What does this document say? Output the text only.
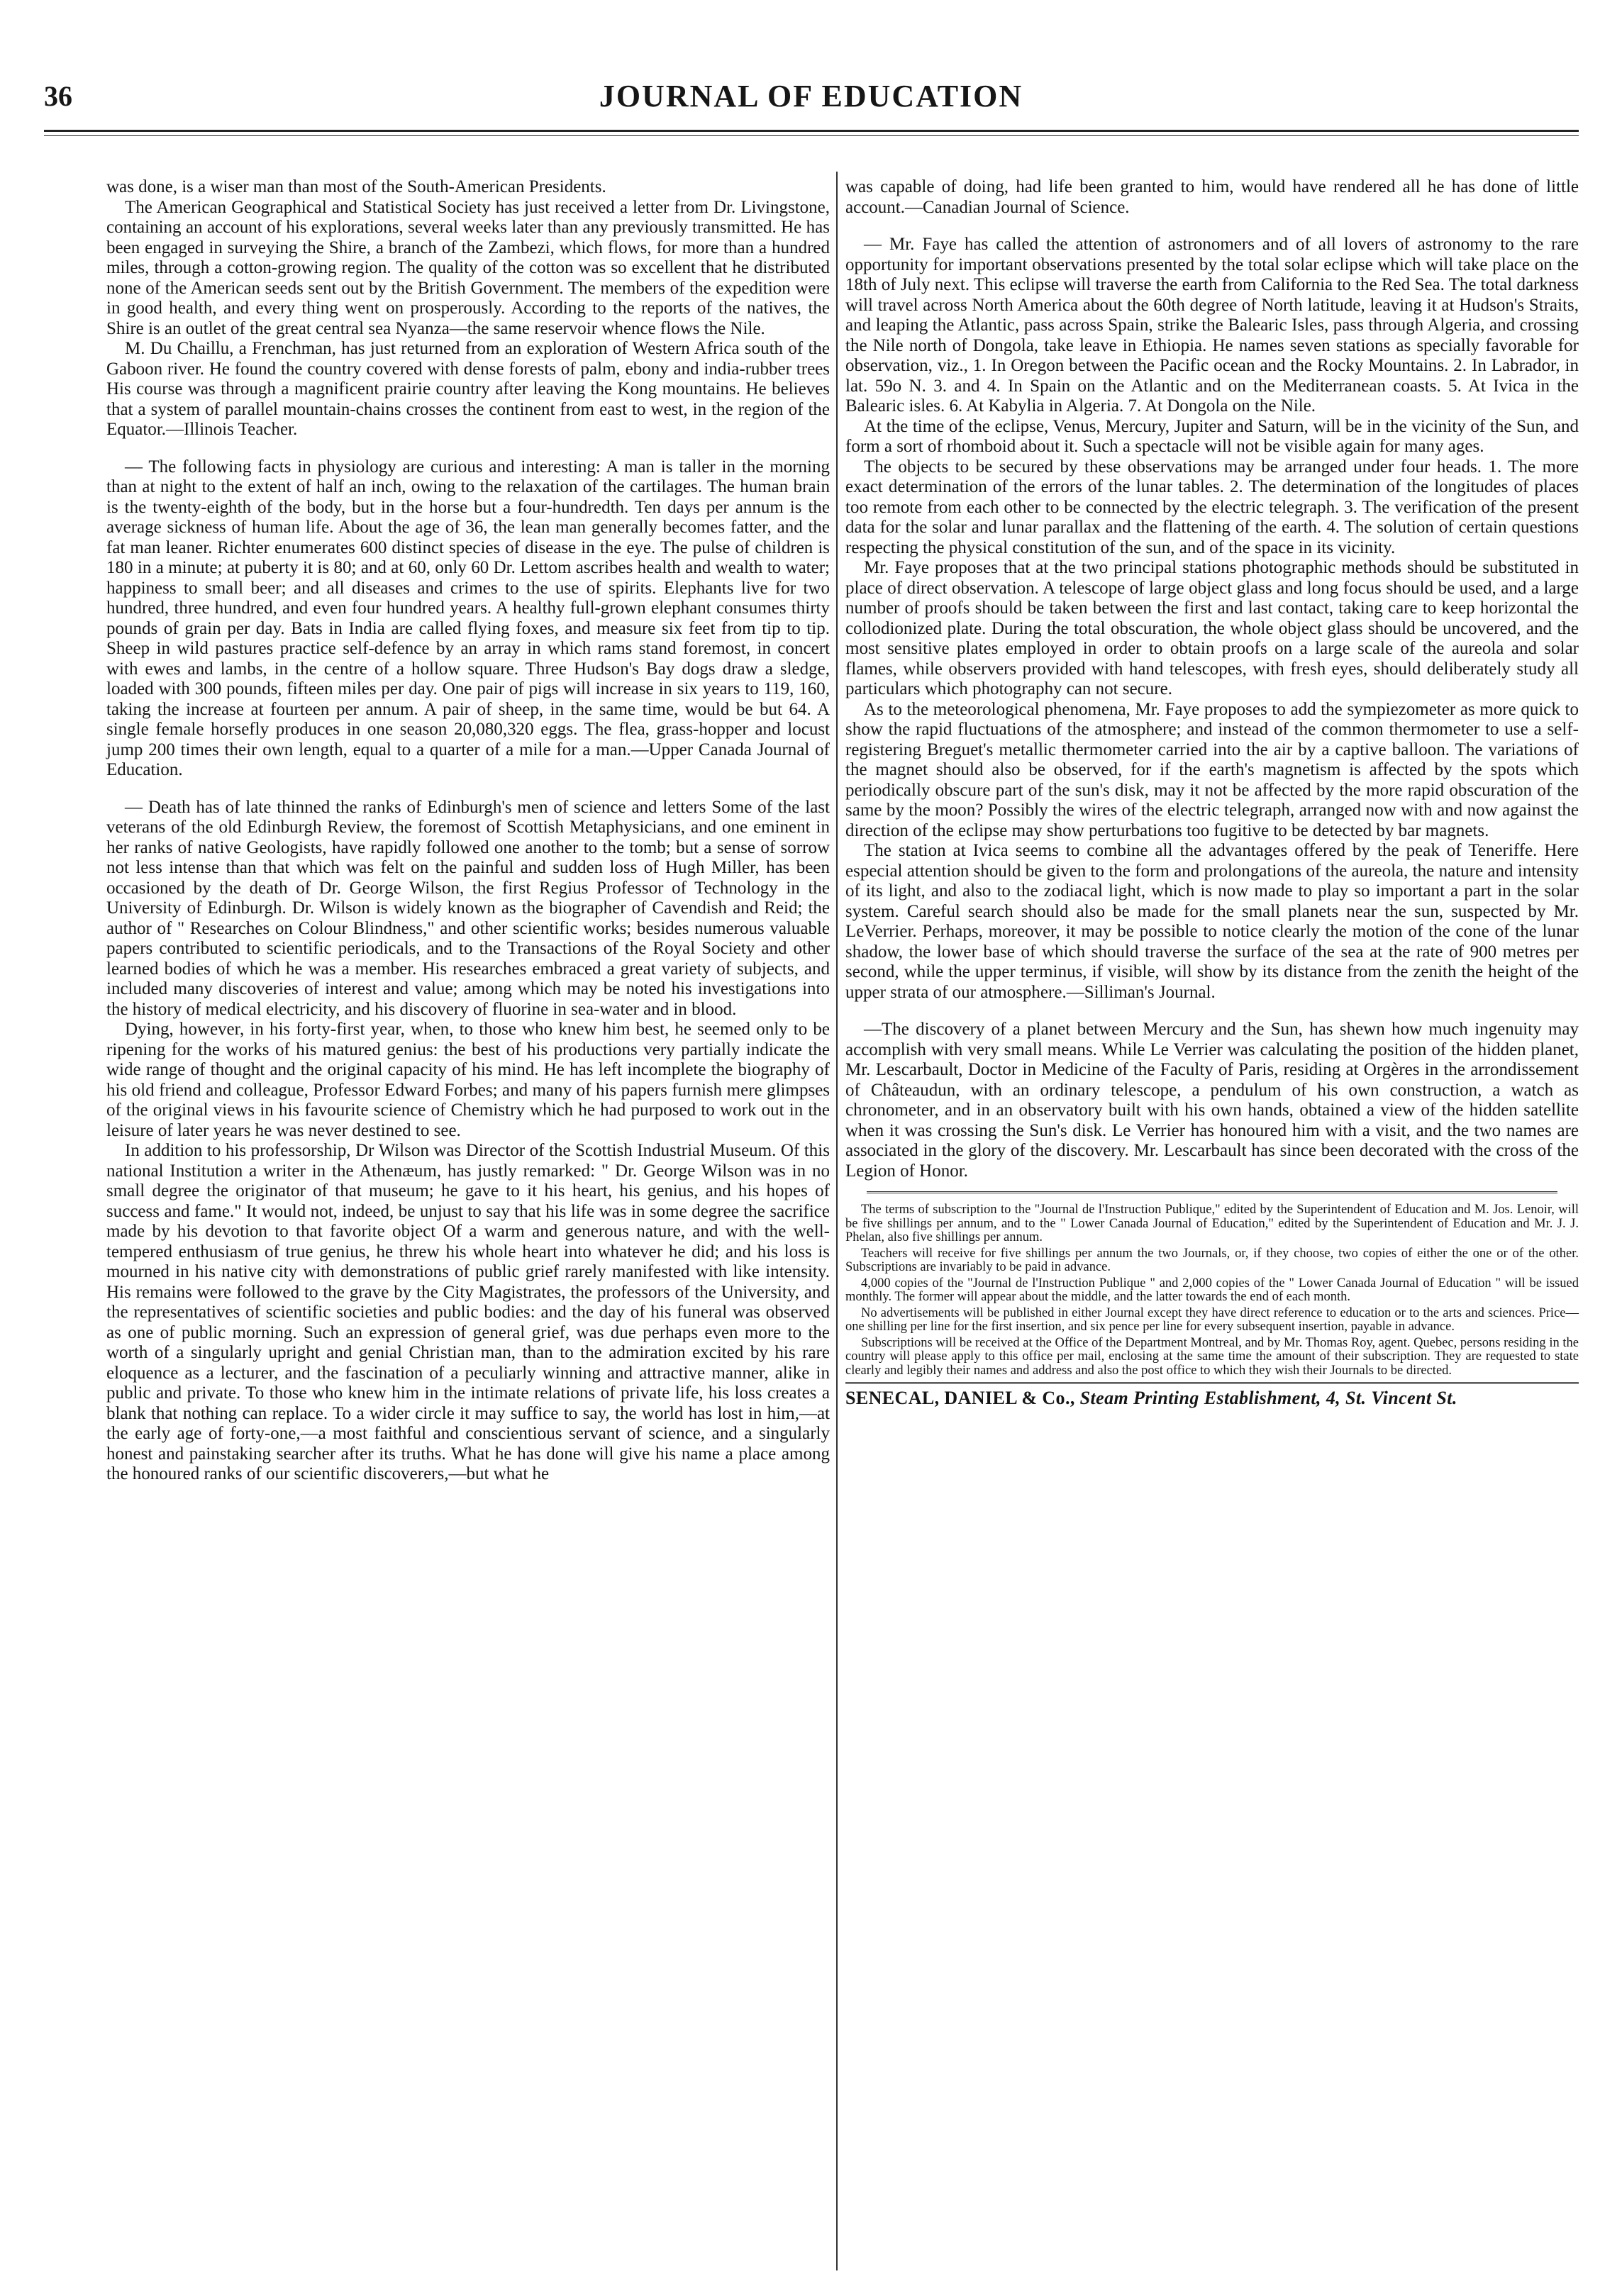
36	JOURNAL OF EDUCATION

was done, is a wiser man than most of the South-American Presidents.

The American Geographical and Statistical Society has just received a letter from Dr. Livingstone, containing an account of his explorations, several weeks later than any previously transmitted. He has been engaged in surveying the Shire, a branch of the Zambezi, which flows, for more than a hundred miles, through a cotton-growing region. The quality of the cotton was so excellent that he distributed none of the American seeds sent out by the British Government. The members of the expedition were in good health, and every thing went on prosperously. According to the reports of the natives, the Shire is an outlet of the great central sea Nyanza—the same reservoir whence flows the Nile.

M. Du Chaillu, a Frenchman, has just returned from an exploration of Western Africa south of the Gaboon river. He found the country covered with dense forests of palm, ebony and india-rubber trees His course was through a magnificent prairie country after leaving the Kong mountains. He believes that a system of parallel mountain-chains crosses the continent from east to west, in the region of the Equator.—Illinois Teacher.

— The following facts in physiology are curious and interesting: A man is taller in the morning than at night to the extent of half an inch, owing to the relaxation of the cartilages. The human brain is the twenty-eighth of the body, but in the horse but a four-hundredth. Ten days per annum is the average sickness of human life. About the age of 36, the lean man generally becomes fatter, and the fat man leaner. Richter enumerates 600 distinct species of disease in the eye. The pulse of children is 180 in a minute; at puberty it is 80; and at 60, only 60 Dr. Lettom ascribes health and wealth to water; happiness to small beer; and all diseases and crimes to the use of spirits. Elephants live for two hundred, three hundred, and even four hundred years. A healthy full-grown elephant consumes thirty pounds of grain per day. Bats in India are called flying foxes, and measure six feet from tip to tip. Sheep in wild pastures practice self-defence by an array in which rams stand foremost, in concert with ewes and lambs, in the centre of a hollow square. Three Hudson's Bay dogs draw a sledge, loaded with 300 pounds, fifteen miles per day. One pair of pigs will increase in six years to 119, 160, taking the increase at fourteen per annum. A pair of sheep, in the same time, would be but 64. A single female horsefly produces in one season 20,080,320 eggs. The flea, grass-hopper and locust jump 200 times their own length, equal to a quarter of a mile for a man.—Upper Canada Journal of Education.

— Death has of late thinned the ranks of Edinburgh's men of science and letters Some of the last veterans of the old Edinburgh Review, the foremost of Scottish Metaphysicians, and one eminent in her ranks of native Geologists, have rapidly followed one another to the tomb; but a sense of sorrow not less intense than that which was felt on the painful and sudden loss of Hugh Miller, has been occasioned by the death of Dr. George Wilson, the first Regius Professor of Technology in the University of Edinburgh. Dr. Wilson is widely known as the biographer of Cavendish and Reid; the author of " Researches on Colour Blindness," and other scientific works; besides numerous valuable papers contributed to scientific periodicals, and to the Transactions of the Royal Society and other learned bodies of which he was a member. His researches embraced a great variety of subjects, and included many discoveries of interest and value; among which may be noted his investigations into the history of medical electricity, and his discovery of fluorine in sea-water and in blood.

Dying, however, in his forty-first year, when, to those who knew him best, he seemed only to be ripening for the works of his matured genius: the best of his productions very partially indicate the wide range of thought and the original capacity of his mind. He has left incomplete the biography of his old friend and colleague, Professor Edward Forbes; and many of his papers furnish mere glimpses of the original views in his favourite science of Chemistry which he had purposed to work out in the leisure of later years he was never destined to see.

In addition to his professorship, Dr Wilson was Director of the Scottish Industrial Museum. Of this national Institution a writer in the Athenæum, has justly remarked: " Dr. George Wilson was in no small degree the originator of that museum; he gave to it his heart, his genius, and his hopes of success and fame." It would not, indeed, be unjust to say that his life was in some degree the sacrifice made by his devotion to that favorite object Of a warm and generous nature, and with the well-tempered enthusiasm of true genius, he threw his whole heart into whatever he did; and his loss is mourned in his native city with demonstrations of public grief rarely manifested with like intensity. His remains were followed to the grave by the City Magistrates, the professors of the University, and the representatives of scientific societies and public bodies: and the day of his funeral was observed as one of public morning. Such an expression of general grief, was due perhaps even more to the worth of a singularly upright and genial Christian man, than to the admiration excited by his rare eloquence as a lecturer, and the fascination of a peculiarly winning and attractive manner, alike in public and private. To those who knew him in the intimate relations of private life, his loss creates a blank that nothing can replace. To a wider circle it may suffice to say, the world has lost in him,—at the early age of forty-one,—a most faithful and conscientious servant of science, and a singularly honest and painstaking searcher after its truths. What he has done will give his name a place among the honoured ranks of our scientific discoverers,—but what he

was capable of doing, had life been granted to him, would have rendered all he has done of little account.—Canadian Journal of Science.

— Mr. Faye has called the attention of astronomers and of all lovers of astronomy to the rare opportunity for important observations presented by the total solar eclipse which will take place on the 18th of July next. This eclipse will traverse the earth from California to the Red Sea. The total darkness will travel across North America about the 60th degree of North latitude, leaving it at Hudson's Straits, and leaping the Atlantic, pass across Spain, strike the Balearic Isles, pass through Algeria, and crossing the Nile north of Dongola, take leave in Ethiopia. He names seven stations as specially favorable for observation, viz., 1. In Oregon between the Pacific ocean and the Rocky Mountains. 2. In Labrador, in lat. 59o N. 3. and 4. In Spain on the Atlantic and on the Mediterranean coasts. 5. At Ivica in the Balearic isles. 6. At Kabylia in Algeria. 7. At Dongola on the Nile.

At the time of the eclipse, Venus, Mercury, Jupiter and Saturn, will be in the vicinity of the Sun, and form a sort of rhomboid about it. Such a spectacle will not be visible again for many ages.

The objects to be secured by these observations may be arranged under four heads. 1. The more exact determination of the errors of the lunar tables. 2. The determination of the longitudes of places too remote from each other to be connected by the electric telegraph. 3. The verification of the present data for the solar and lunar parallax and the flattening of the earth. 4. The solution of certain questions respecting the physical constitution of the sun, and of the space in its vicinity.

Mr. Faye proposes that at the two principal stations photographic methods should be substituted in place of direct observation. A telescope of large object glass and long focus should be used, and a large number of proofs should be taken between the first and last contact, taking care to keep horizontal the collodionized plate. During the total obscuration, the whole object glass should be uncovered, and the most sensitive plates employed in order to obtain proofs on a large scale of the aureola and solar flames, while observers provided with hand telescopes, with fresh eyes, should deliberately study all particulars which photography can not secure.

As to the meteorological phenomena, Mr. Faye proposes to add the sympiezometer as more quick to show the rapid fluctuations of the atmosphere; and instead of the common thermometer to use a self-registering Breguet's metallic thermometer carried into the air by a captive balloon. The variations of the magnet should also be observed, for if the earth's magnetism is affected by the spots which periodically obscure part of the sun's disk, may it not be affected by the more rapid obscuration of the same by the moon? Possibly the wires of the electric telegraph, arranged now with and now against the direction of the eclipse may show perturbations too fugitive to be detected by bar magnets.

The station at Ivica seems to combine all the advantages offered by the peak of Teneriffe. Here especial attention should be given to the form and prolongations of the aureola, the nature and intensity of its light, and also to the zodiacal light, which is now made to play so important a part in the solar system. Careful search should also be made for the small planets near the sun, suspected by Mr. LeVerrier. Perhaps, moreover, it may be possible to notice clearly the motion of the cone of the lunar shadow, the lower base of which should traverse the surface of the sea at the rate of 900 metres per second, while the upper terminus, if visible, will show by its distance from the zenith the height of the upper strata of our atmosphere.—Silliman's Journal.

—The discovery of a planet between Mercury and the Sun, has shewn how much ingenuity may accomplish with very small means. While Le Verrier was calculating the position of the hidden planet, Mr. Lescarbault, Doctor in Medicine of the Faculty of Paris, residing at Orgères in the arrondissement of Châteaudun, with an ordinary telescope, a pendulum of his own construction, a watch as chronometer, and in an observatory built with his own hands, obtained a view of the hidden satellite when it was crossing the Sun's disk. Le Verrier has honoured him with a visit, and the two names are associated in the glory of the discovery. Mr. Lescarbault has since been decorated with the cross of the Legion of Honor.

The terms of subscription to the "Journal de l'Instruction Publique," edited by the Superintendent of Education and M. Jos. Lenoir, will be five shillings per annum, and to the " Lower Canada Journal of Education," edited by the Superintendent of Education and Mr. J. J. Phelan, also five shillings per annum.

Teachers will receive for five shillings per annum the two Journals, or, if they choose, two copies of either the one or of the other. Subscriptions are invariably to be paid in advance.

4,000 copies of the "Journal de l'Instruction Publique " and 2,000 copies of the " Lower Canada Journal of Education " will be issued monthly. The former will appear about the middle, and the latter towards the end of each month.

No advertisements will be published in either Journal except they have direct reference to education or to the arts and sciences. Price—one shilling per line for the first insertion, and six pence per line for every subsequent insertion, payable in advance.

Subscriptions will be received at the Office of the Department Montreal, and by Mr. Thomas Roy, agent. Quebec, persons residing in the country will please apply to this office per mail, enclosing at the same time the amount of their subscription. They are requested to state clearly and legibly their names and address and also the post office to which they wish their Journals to be directed.

SENECAL, DANIEL & Co., Steam Printing Establishment, 4, St. Vincent St.
